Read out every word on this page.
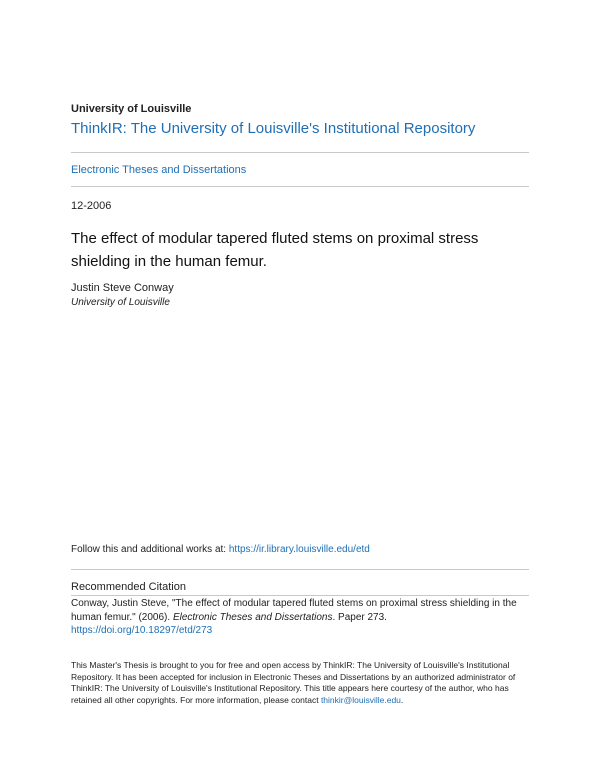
University of Louisville
ThinkIR: The University of Louisville's Institutional Repository
Electronic Theses and Dissertations
12-2006
The effect of modular tapered fluted stems on proximal stress shielding in the human femur.
Justin Steve Conway
University of Louisville
Follow this and additional works at: https://ir.library.louisville.edu/etd
Recommended Citation
Conway, Justin Steve, "The effect of modular tapered fluted stems on proximal stress shielding in the human femur." (2006). Electronic Theses and Dissertations. Paper 273.
https://doi.org/10.18297/etd/273
This Master's Thesis is brought to you for free and open access by ThinkIR: The University of Louisville's Institutional Repository. It has been accepted for inclusion in Electronic Theses and Dissertations by an authorized administrator of ThinkIR: The University of Louisville's Institutional Repository. This title appears here courtesy of the author, who has retained all other copyrights. For more information, please contact thinkir@louisville.edu.
